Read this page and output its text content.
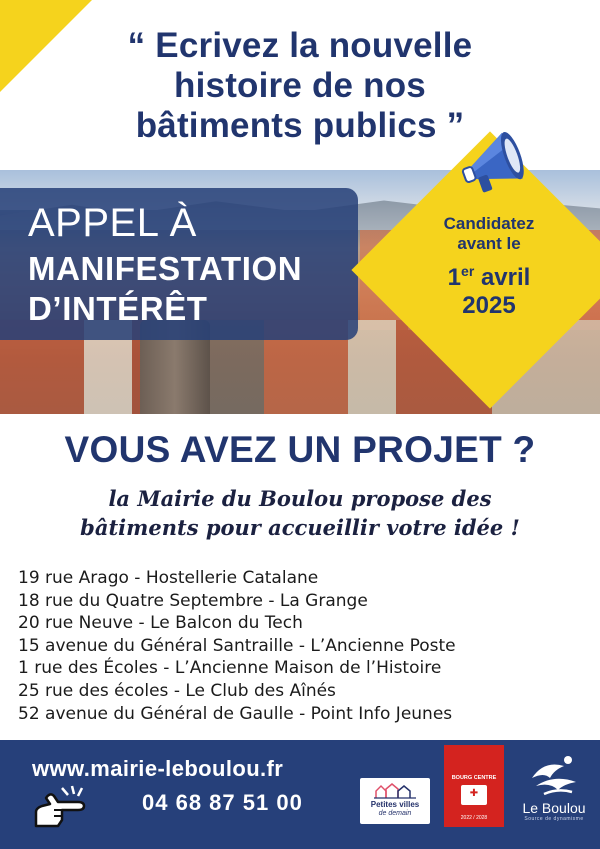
“ Ecrivez la nouvelle
histoire de nos
bâtiments publics ”
APPEL À
MANIFESTATION
D’INTÉRÊT
Candidatez avant le
1er avril
2025
VOUS AVEZ UN PROJET ?
la Mairie du Boulou propose des
bâtiments pour accueillir votre idée !
19 rue Arago - Hostellerie Catalane
18 rue du Quatre Septembre - La Grange
20 rue Neuve - Le Balcon du Tech
15 avenue du Général Santraille - L’Ancienne Poste
1 rue des Écoles - L’Ancienne Maison de l’Histoire
25 rue des écoles - Le Club des Aînés
52 avenue du Général de Gaulle - Point Info Jeunes
www.mairie-leboulou.fr
04 68 87 51 00	Petites villes
de demain
BOURG CENTRE
✚
2022 / 2028
Le Boulou
Source de dynamisme
